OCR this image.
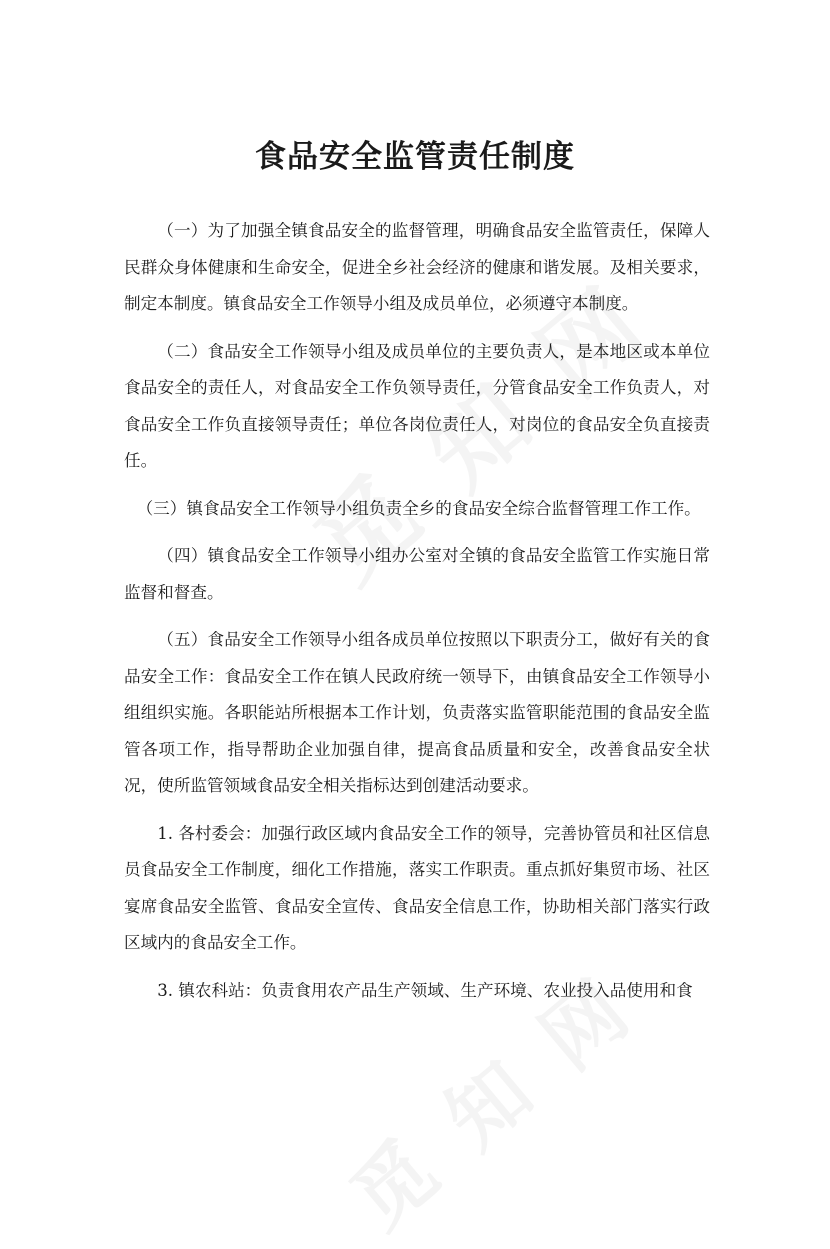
食品安全监管责任制度

（一）为了加强全镇食品安全的监督管理，明确食品安全监管责任，保障人民群众身体健康和生命安全，促进全乡社会经济的健康和谐发展。及相关要求，制定本制度。镇食品安全工作领导小组及成员单位，必须遵守本制度。

（二）食品安全工作领导小组及成员单位的主要负责人，是本地区或本单位食品安全的责任人，对食品安全工作负领导责任，分管食品安全工作负责人，对食品安全工作负直接领导责任；单位各岗位责任人，对岗位的食品安全负直接责任。

（三）镇食品安全工作领导小组负责全乡的食品安全综合监督管理工作工作。

（四）镇食品安全工作领导小组办公室对全镇的食品安全监管工作实施日常监督和督查。

（五）食品安全工作领导小组各成员单位按照以下职责分工，做好有关的食品安全工作：食品安全工作在镇人民政府统一领导下，由镇食品安全工作领导小组组织实施。各职能站所根据本工作计划，负责落实监管职能范围的食品安全监管各项工作，指导帮助企业加强自律，提高食品质量和安全，改善食品安全状况，使所监管领域食品安全相关指标达到创建活动要求。

1. 各村委会：加强行政区域内食品安全工作的领导，完善协管员和社区信息员食品安全工作制度，细化工作措施，落实工作职责。重点抓好集贸市场、社区宴席食品安全监管、食品安全宣传、食品安全信息工作，协助相关部门落实行政区域内的食品安全工作。

3. 镇农科站：负责食用农产品生产领域、生产环境、农业投入品使用和食
